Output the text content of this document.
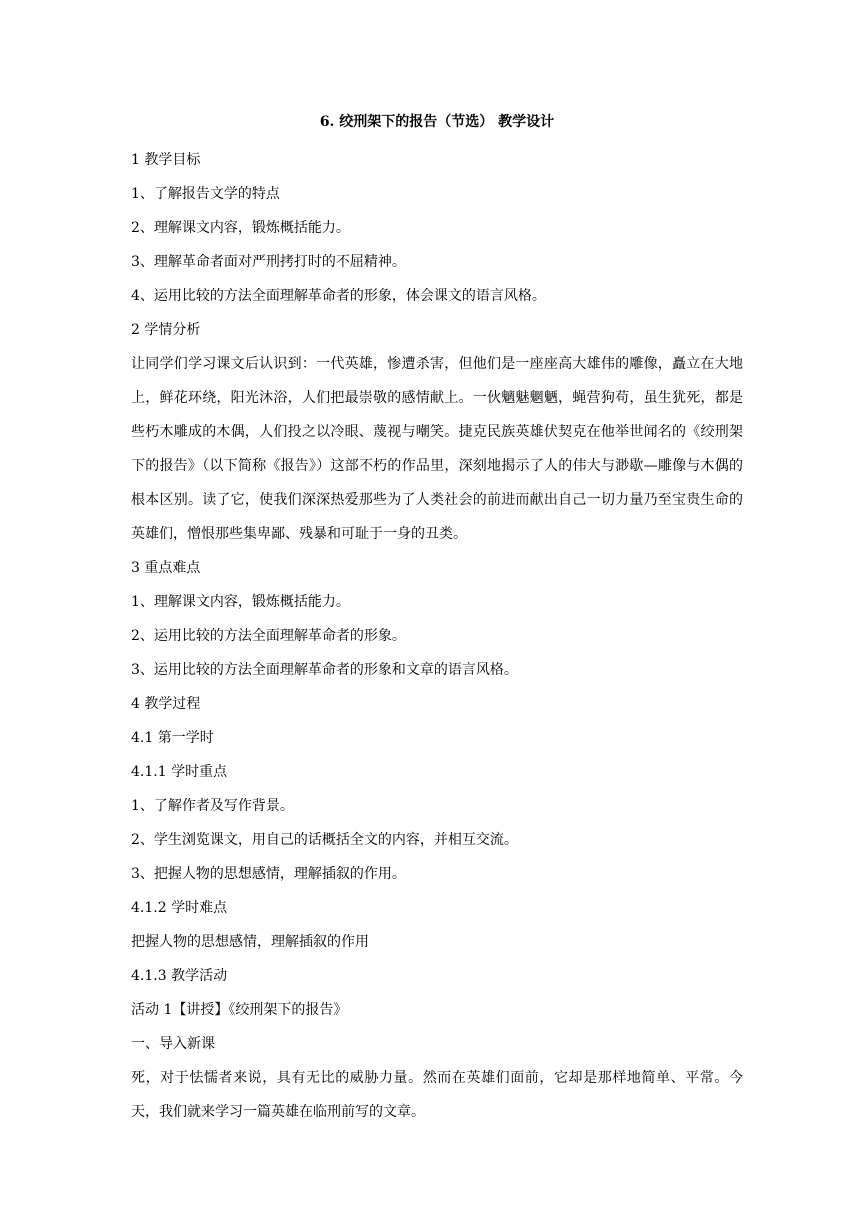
6. 绞刑架下的报告（节选） 教学设计
1 教学目标
1、了解报告文学的特点
2、理解课文内容，锻炼概括能力。
3、理解革命者面对严刑拷打时的不屈精神。
4、运用比较的方法全面理解革命者的形象，体会课文的语言风格。
2 学情分析
让同学们学习课文后认识到：一代英雄，惨遭杀害，但他们是一座座高大雄伟的雕像，矗立在大地上，鲜花环绕，阳光沐浴，人们把最崇敬的感情献上。一伙魑魅魍魉，蝇营狗苟，虽生犹死，都是些朽木雕成的木偶，人们投之以冷眼、蔑视与嘲笑。捷克民族英雄伏契克在他举世闻名的《绞刑架下的报告》（以下简称《报告》）这部不朽的作品里，深刻地揭示了人的伟大与渺歇—雕像与木偶的根本区别。读了它，使我们深深热爱那些为了人类社会的前进而献出自己一切力量乃至宝贵生命的英雄们，憎恨那些集卑鄙、残暴和可耻于一身的丑类。
3 重点难点
1、理解课文内容，锻炼概括能力。
2、运用比较的方法全面理解革命者的形象。
3、运用比较的方法全面理解革命者的形象和文章的语言风格。
4 教学过程
4.1 第一学时
4.1.1 学时重点
1、了解作者及写作背景。
2、学生浏览课文，用自己的话概括全文的内容，并相互交流。
3、把握人物的思想感情，理解插叙的作用。
4.1.2 学时难点
把握人物的思想感情，理解插叙的作用
4.1.3 教学活动
活动 1【讲授】《绞刑架下的报告》
一、导入新课
死，对于怯懦者来说，具有无比的威胁力量。然而在英雄们面前，它却是那样地简单、平常。今天，我们就来学习一篇英雄在临刑前写的文章。
